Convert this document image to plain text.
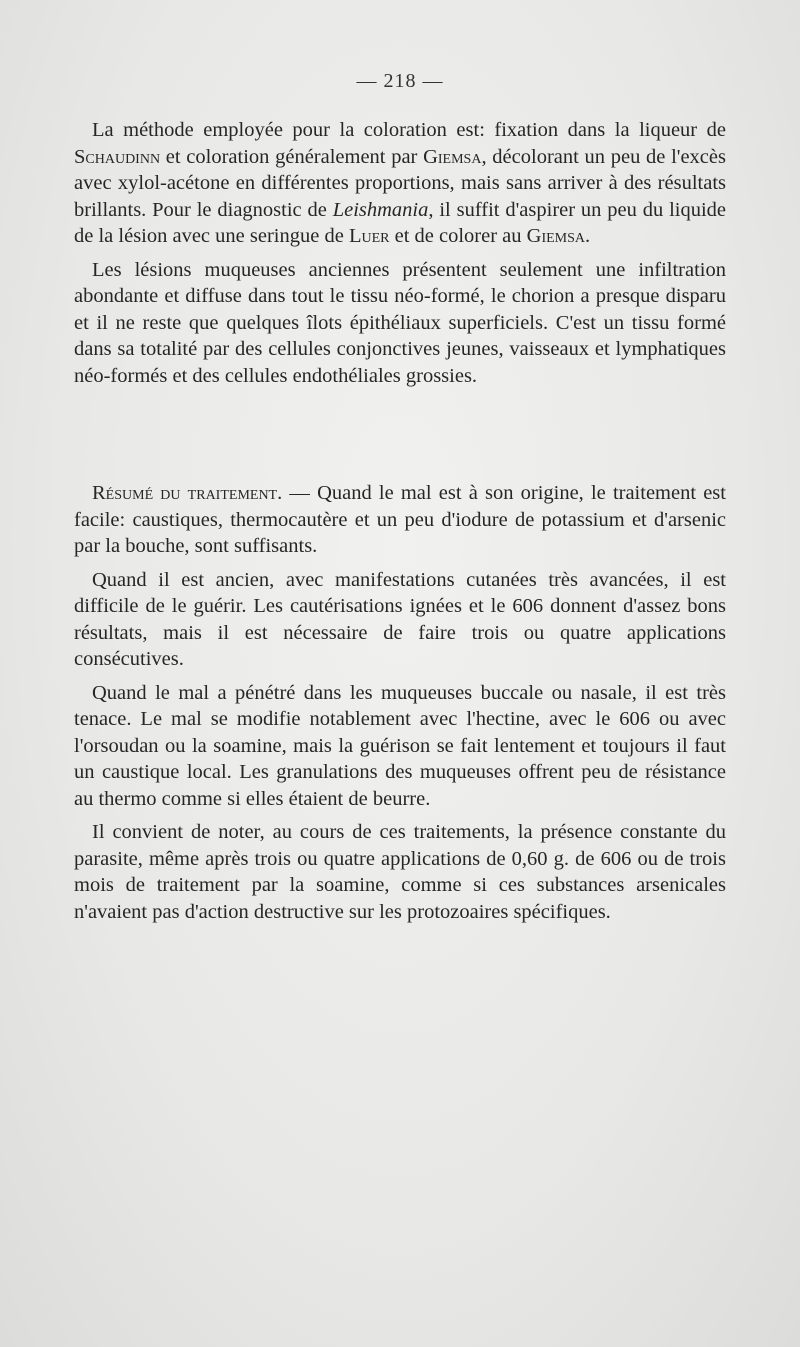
— 218 —

La méthode employée pour la coloration est: fixation dans la liqueur de Schaudinn et coloration généralement par Giemsa, décolorant un peu de l'excès avec xylol-acétone en différentes proportions, mais sans arriver à des résultats brillants. Pour le diagnostic de Leishmania, il suffit d'aspirer un peu du liquide de la lésion avec une seringue de Luer et de colorer au Giemsa.

Les lésions muqueuses anciennes présentent seulement une infiltration abondante et diffuse dans tout le tissu néo-formé, le chorion a presque disparu et il ne reste que quelques îlots épithéliaux superficiels. C'est un tissu formé dans sa totalité par des cellules conjonctives jeunes, vaisseaux et lymphatiques néo-formés et des cellules endothéliales grossies.

Résumé du traitement. — Quand le mal est à son origine, le traitement est facile: caustiques, thermocautère et un peu d'iodure de potassium et d'arsenic par la bouche, sont suffisants.

Quand il est ancien, avec manifestations cutanées très avancées, il est difficile de le guérir. Les cautérisations ignées et le 606 donnent d'assez bons résultats, mais il est nécessaire de faire trois ou quatre applications consécutives.

Quand le mal a pénétré dans les muqueuses buccale ou nasale, il est très tenace. Le mal se modifie notablement avec l'hectine, avec le 606 ou avec l'orsoudan ou la soamine, mais la guérison se fait lentement et toujours il faut un caustique local. Les granulations des muqueuses offrent peu de résistance au thermo comme si elles étaient de beurre.

Il convient de noter, au cours de ces traitements, la présence constante du parasite, même après trois ou quatre applications de 0,60 g. de 606 ou de trois mois de traitement par la soamine, comme si ces substances arsenicales n'avaient pas d'action destructive sur les protozoaires spécifiques.
